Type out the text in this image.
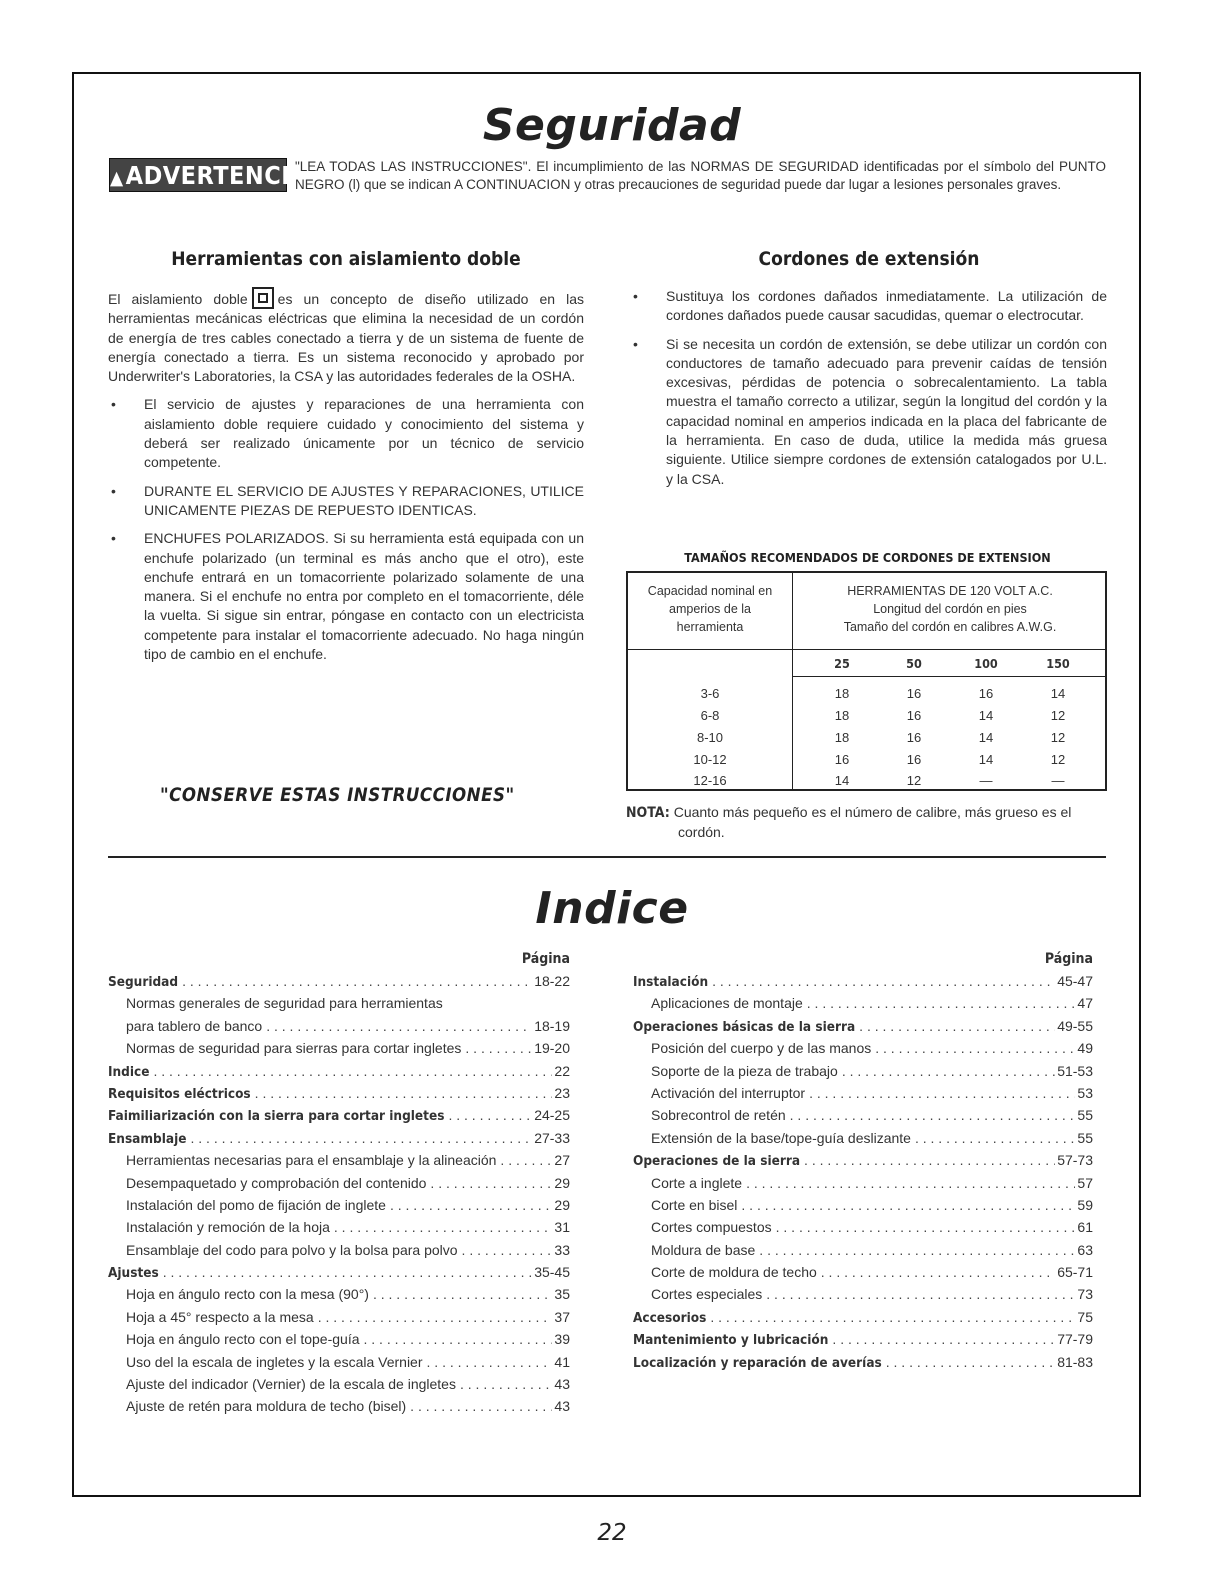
Seguridad
▲ADVERTENCIA
"LEA TODAS LAS INSTRUCCIONES". El incumplimiento de las NORMAS DE SEGURIDAD identificadas por el símbolo del PUNTO NEGRO (l) que se indican A CONTINUACION y otras precauciones de seguridad puede dar lugar a lesiones personales graves.
Herramientas con aislamiento doble

El aislamiento doble es un concepto de diseño utilizado en las herramientas mecánicas eléctricas que elimina la necesidad de un cordón de energía de tres cables conectado a tierra y de un sistema de fuente de energía conectado a tierra. Es un sistema reconocido y aprobado por Underwriter's Laboratories, la CSA y las autoridades federales de la OSHA.

• El servicio de ajustes y reparaciones de una herramienta con aislamiento doble requiere cuidado y conocimiento del sistema y deberá ser realizado únicamente por un técnico de servicio competente.
• DURANTE EL SERVICIO DE AJUSTES Y REPARACIONES, UTILICE UNICAMENTE PIEZAS DE REPUESTO IDENTICAS.
• ENCHUFES POLARIZADOS. Si su herramienta está equipada con un enchufe polarizado (un terminal es más ancho que el otro), este enchufe entrará en un tomacorriente polarizado solamente de una manera. Si el enchufe no entra por completo en el tomacorriente, déle la vuelta. Si sigue sin entrar, póngase en contacto con un electricista competente para instalar el tomacorriente adecuado. No haga ningún tipo de cambio en el enchufe.
"CONSERVE ESTAS INSTRUCCIONES"
Cordones de extensión
• Sustituya los cordones dañados inmediatamente. La utilización de cordones dañados puede causar sacudidas, quemar o electrocutar.
• Si se necesita un cordón de extensión, se debe utilizar un cordón con conductores de tamaño adecuado para prevenir caídas de tensión excesivas, pérdidas de potencia o sobrecalentamiento. La tabla muestra el tamaño correcto a utilizar, según la longitud del cordón y la capacidad nominal en amperios indicada en la placa del fabricante de la herramienta. En caso de duda, utilice la medida más gruesa siguiente. Utilice siempre cordones de extensión catalogados por U.L. y la CSA.
TAMAÑOS RECOMENDADOS DE CORDONES DE EXTENSION
Capacidad nominal en
amperios de la
herramienta
HERRAMIENTAS DE 120 VOLT A.C.
Longitud del cordón en pies
Tamaño del cordón en calibres A.W.G.
25	50	100	150
3-6	18	16	16	14
6-8	18	16	14	12
8-10	18	16	14	12
10-12	16	16	14	12
12-16	14	12	—	—
NOTA: Cuanto más pequeño es el número de calibre, más grueso es el
cordón.
Indice
Página
Seguridad . . .	18-22
Normas generales de seguridad para herramientas
para tablero de banco . . .	18-19
Normas de seguridad para sierras para cortar ingletes . . .	19-20
Indice . . .	22
Requisitos eléctricos . . .	23
Faimiliarización con la sierra para cortar ingletes . . .	24-25
Ensamblaje . . .	27-33
Herramientas necesarias para el ensamblaje y la alineación . . .	27
Desempaquetado y comprobación del contenido . . .	29
Instalación del pomo de fijación de inglete . . .	29
Instalación y remoción de la hoja . . .	31
Ensamblaje del codo para polvo y la bolsa para polvo . . .	33
Ajustes . . .	35-45
Hoja en ángulo recto con la mesa (90°) . . .	35
Hoja a 45° respecto a la mesa . . .	37
Hoja en ángulo recto con el tope-guía . . .	39
Uso del la escala de ingletes y la escala Vernier . . .	41
Ajuste del indicador (Vernier) de la escala de ingletes . . .	43
Ajuste de retén para moldura de techo (bisel) . . .	43
Página
Instalación . . .	45-47
Aplicaciones de montaje . . .	47
Operaciones básicas de la sierra . . .	49-55
Posición del cuerpo y de las manos . . .	49
Soporte de la pieza de trabajo . . .	51-53
Activación del interruptor . . .	53
Sobrecontrol de retén . . .	55
Extensión de la base/tope-guía deslizante . . .	55
Operaciones de la sierra . . .	57-73
Corte a inglete . . .	57
Corte en bisel . . .	59
Cortes compuestos . . .	61
Moldura de base . . .	63
Corte de moldura de techo . . .	65-71
Cortes especiales . . .	73
Accesorios . . .	75
Mantenimiento y lubricación . . .	77-79
Localización y reparación de averías . . .	81-83
22
